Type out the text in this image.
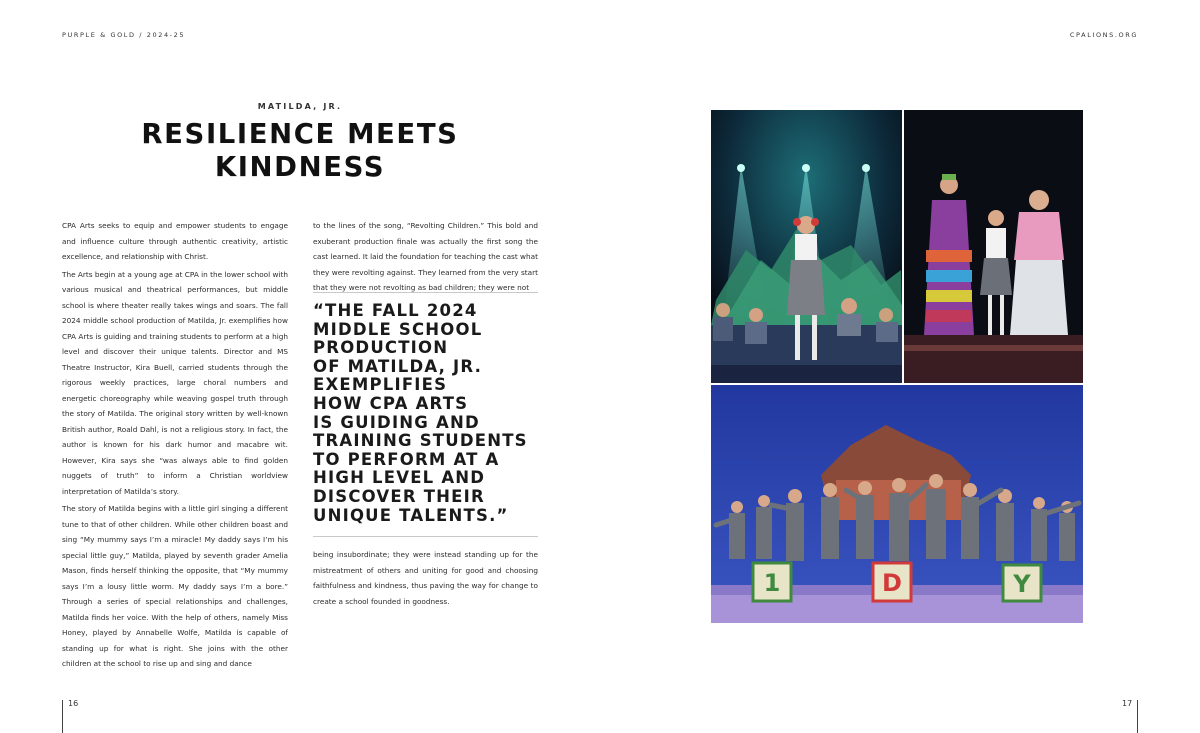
PURPLE & GOLD / 2024-25	CPALIONS.ORG
MATILDA, JR.
RESILIENCE MEETS
KINDNESS

CPA Arts seeks to equip and empower students to engage and influence culture through authentic creativity, artistic excellence, and relationship with Christ.

The Arts begin at a young age at CPA in the lower school with various musical and theatrical performances, but middle school is where theater really takes wings and soars. The fall 2024 middle school production of Matilda, Jr. exemplifies how CPA Arts is guiding and training students to perform at a high level and discover their unique talents. Director and MS Theatre Instructor, Kira Buell, carried students through the rigorous weekly practices, large choral numbers and energetic choreography while weaving gospel truth through the story of Matilda. The original story written by well-known British author, Roald Dahl, is not a religious story. In fact, the author is known for his dark humor and macabre wit. However, Kira says she “was always able to find golden nuggets of truth” to inform a Christian worldview interpretation of Matilda’s story.

The story of Matilda begins with a little girl singing a different tune to that of other children. While other children boast and sing “My mummy says I’m a miracle! My daddy says I’m his special little guy,” Matilda, played by seventh grader Amelia Mason, finds herself thinking the opposite, that “My mummy says I’m a lousy little worm. My daddy says I’m a bore.” Through a series of special relationships and challenges, Matilda finds her voice. With the help of others, namely Miss Honey, played by Annabelle Wolfe, Matilda is capable of standing up for what is right. She joins with the other children at the school to rise up and sing and dance

to the lines of the song, “Revolting Children.” This bold and exuberant production finale was actually the first song the cast learned. It laid the foundation for teaching the cast what they were revolting against. They learned from the very start that they were not revolting as bad children; they were not

“THE FALL 2024
MIDDLE SCHOOL
PRODUCTION
OF MATILDA, JR.
EXEMPLIFIES
HOW CPA ARTS
IS GUIDING AND
TRAINING STUDENTS
TO PERFORM AT A
HIGH LEVEL AND
DISCOVER THEIR
UNIQUE TALENTS.”

being insubordinate; they were instead standing up for the mistreatment of others and uniting for good and choosing faithfulness and kindness, thus paving the way for change to create a school founded in goodness.

1	D	Y
16	17
